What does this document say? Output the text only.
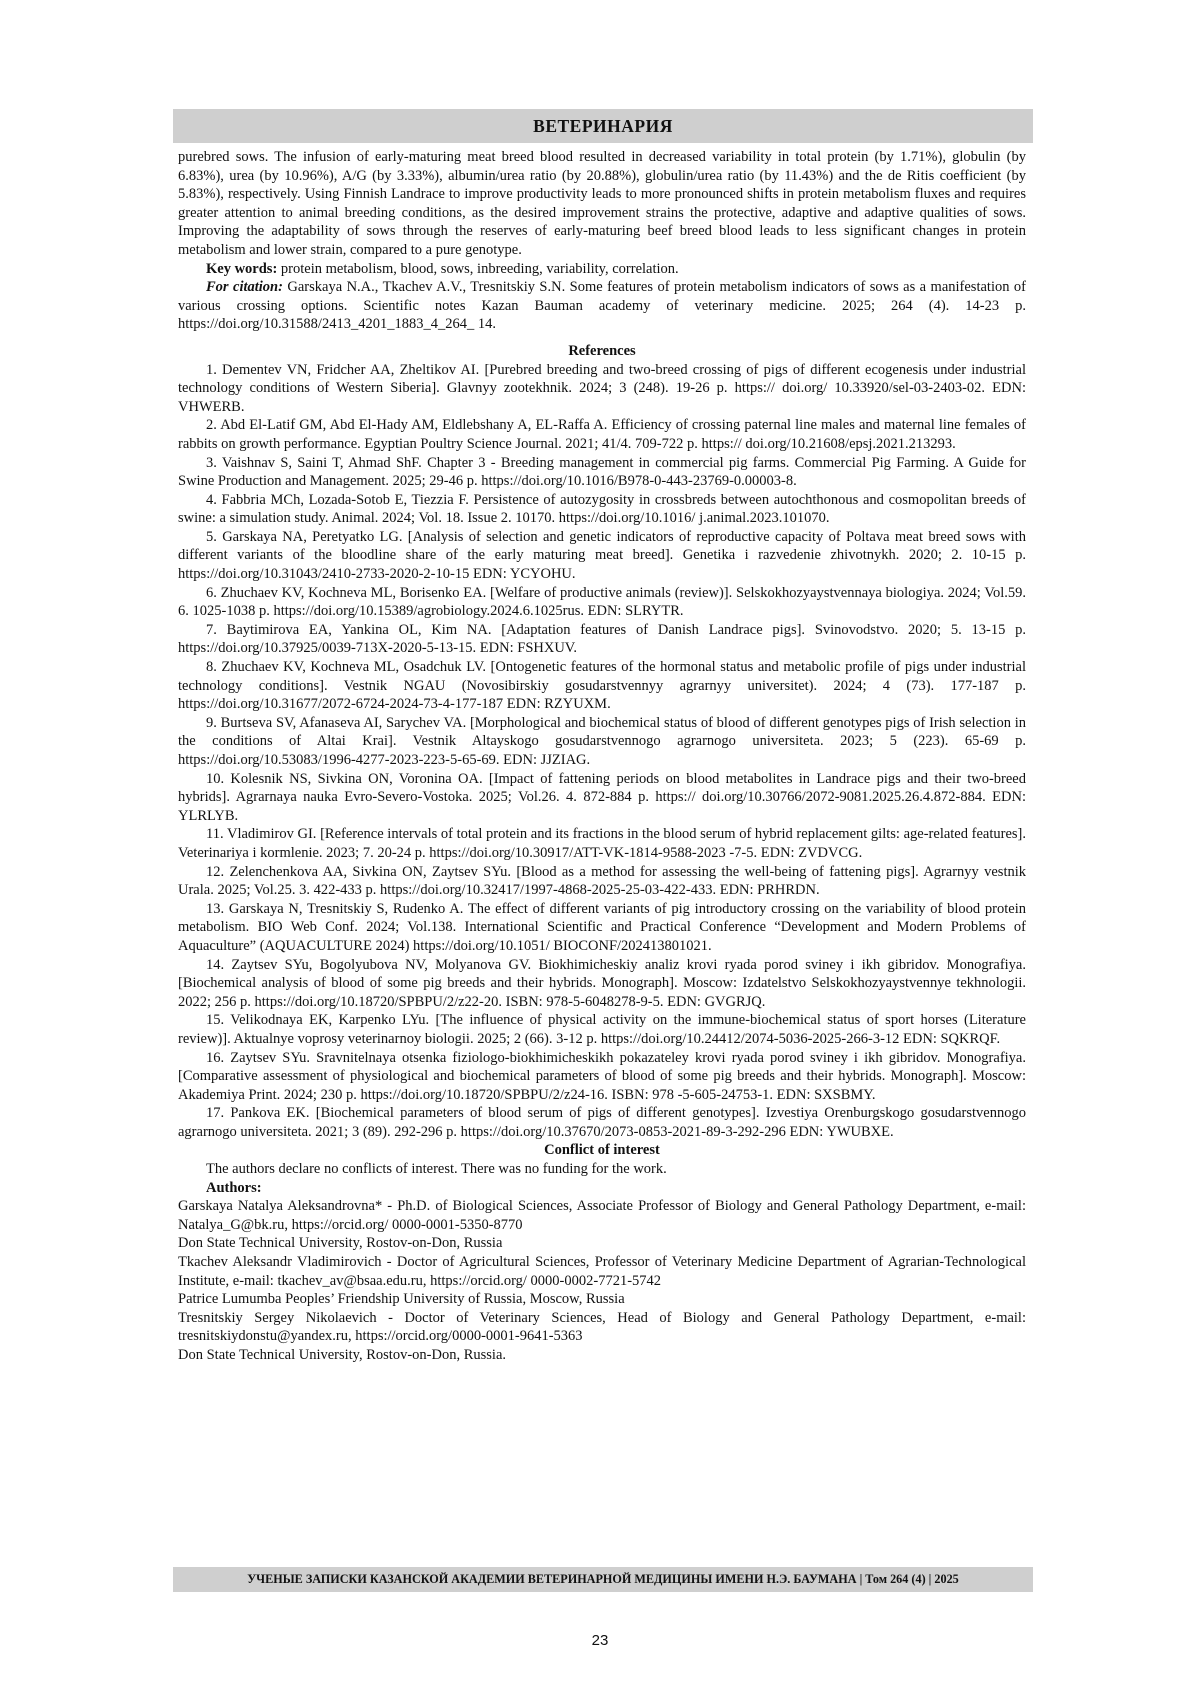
ВЕТЕРИНАРИЯ

purebred sows. The infusion of early-maturing meat breed blood resulted in decreased variability in total protein (by 1.71%), globulin (by 6.83%), urea (by 10.96%), A/G (by 3.33%), albumin/urea ratio (by 20.88%), globulin/urea ratio (by 11.43%) and the de Ritis coefficient (by 5.83%), respectively. Using Finnish Landrace to improve productivity leads to more pronounced shifts in protein metabolism fluxes and requires greater attention to animal breeding conditions, as the desired improvement strains the protective, adaptive and adaptive qualities of sows. Improving the adaptability of sows through the reserves of early-maturing beef breed blood leads to less significant changes in protein metabolism and lower strain, compared to a pure genotype.

Key words: protein metabolism, blood, sows, inbreeding, variability, correlation.

For citation: Garskaya N.A., Tkachev A.V., Tresnitskiy S.N. Some features of protein metabolism indicators of sows as a manifestation of various crossing options. Scientific notes Kazan Bauman academy of veterinary medicine. 2025; 264 (4). 14-23 p. https://doi.org/10.31588/2413_4201_1883_4_264_ 14.

References

1. Dementev VN, Fridcher AA, Zheltikov AI. [Purebred breeding and two-breed crossing of pigs of different ecogenesis under industrial technology conditions of Western Siberia]. Glavnyy zootekhnik. 2024; 3 (248). 19-26 p. https:// doi.org/ 10.33920/sel-03-2403-02. EDN: VHWERB.
2. Abd El-Latif GM, Abd El-Hady AM, Eldlebshany A, EL-Raffa A. Efficiency of crossing paternal line males and maternal line females of rabbits on growth performance. Egyptian Poultry Science Journal. 2021; 41/4. 709-722 p. https:// doi.org/10.21608/epsj.2021.213293.
3. Vaishnav S, Saini T, Ahmad ShF. Chapter 3 - Breeding management in commercial pig farms. Commercial Pig Farming. A Guide for Swine Production and Management. 2025; 29-46 p. https://doi.org/10.1016/B978-0-443-23769-0.00003-8.
4. Fabbria MCh, Lozada-Sotob E, Tiezzia F. Persistence of autozygosity in crossbreds between autochthonous and cosmopolitan breeds of swine: a simulation study. Animal. 2024; Vol. 18. Issue 2. 10170. https://doi.org/10.1016/ j.animal.2023.101070.
5. Garskaya NA, Peretyatko LG. [Analysis of selection and genetic indicators of reproductive capacity of Poltava meat breed sows with different variants of the bloodline share of the early maturing meat breed]. Genetika i razvedenie zhivotnykh. 2020; 2. 10-15 p. https://doi.org/10.31043/2410-2733-2020-2-10-15 EDN: YCYOHU.
6. Zhuchaev KV, Kochneva ML, Borisenko EA. [Welfare of productive animals (review)]. Selskokhozyaystvennaya biologiya. 2024; Vol.59. 6. 1025-1038 p. https://doi.org/10.15389/agrobiology.2024.6.1025rus. EDN: SLRYTR.
7. Baytimirova EA, Yankina OL, Kim NA. [Adaptation features of Danish Landrace pigs]. Svinovodstvo. 2020; 5. 13-15 p. https://doi.org/10.37925/0039-713X-2020-5-13-15. EDN: FSHXUV.
8. Zhuchaev KV, Kochneva ML, Osadchuk LV. [Ontogenetic features of the hormonal status and metabolic profile of pigs under industrial technology conditions]. Vestnik NGAU (Novosibirskiy gosudarstvennyy agrarnyy universitet). 2024; 4 (73). 177-187 p. https://doi.org/10.31677/2072-6724-2024-73-4-177-187 EDN: RZYUXM.
9. Burtseva SV, Afanaseva AI, Sarychev VA. [Morphological and biochemical status of blood of different genotypes pigs of Irish selection in the conditions of Altai Krai]. Vestnik Altayskogo gosudarstvennogo agrarnogo universiteta. 2023; 5 (223). 65-69 p. https://doi.org/10.53083/1996-4277-2023-223-5-65-69. EDN: JJZIAG.
10. Kolesnik NS, Sivkina ON, Voronina OA. [Impact of fattening periods on blood metabolites in Landrace pigs and their two-breed hybrids]. Agrarnaya nauka Evro-Severo-Vostoka. 2025; Vol.26. 4. 872-884 p. https:// doi.org/10.30766/2072-9081.2025.26.4.872-884. EDN: YLRLYB.
11. Vladimirov GI. [Reference intervals of total protein and its fractions in the blood serum of hybrid replacement gilts: age-related features]. Veterinariya i kormlenie. 2023; 7. 20-24 p. https://doi.org/10.30917/ATT-VK-1814-9588-2023 -7-5. EDN: ZVDVCG.
12. Zelenchenkova AA, Sivkina ON, Zaytsev SYu. [Blood as a method for assessing the well-being of fattening pigs]. Agrarnyy vestnik Urala. 2025; Vol.25. 3. 422-433 p. https://doi.org/10.32417/1997-4868-2025-25-03-422-433. EDN: PRHRDN.
13. Garskaya N, Tresnitskiy S, Rudenko A. The effect of different variants of pig introductory crossing on the variability of blood protein metabolism. BIO Web Conf. 2024; Vol.138. International Scientific and Practical Conference “Development and Modern Problems of Aquaculture” (AQUACULTURE 2024) https://doi.org/10.1051/ BIOCONF/202413801021.
14. Zaytsev SYu, Bogolyubova NV, Molyanova GV. Biokhimicheskiy analiz krovi ryada porod sviney i ikh gibridov. Monografiya. [Biochemical analysis of blood of some pig breeds and their hybrids. Monograph]. Moscow: Izdatelstvo Selskokhozyaystvennye tekhnologii. 2022; 256 p. https://doi.org/10.18720/SPBPU/2/z22-20. ISBN: 978-5-6048278-9-5. EDN: GVGRJQ.
15. Velikodnaya EK, Karpenko LYu. [The influence of physical activity on the immune-biochemical status of sport horses (Literature review)]. Aktualnye voprosy veterinarnoy biologii. 2025; 2 (66). 3-12 p. https://doi.org/10.24412/2074-5036-2025-266-3-12 EDN: SQKRQF.
16. Zaytsev SYu. Sravnitelnaya otsenka fiziologo-biokhimicheskikh pokazateley krovi ryada porod sviney i ikh gibridov. Monografiya. [Comparative assessment of physiological and biochemical parameters of blood of some pig breeds and their hybrids. Monograph]. Moscow: Akademiya Print. 2024; 230 p. https://doi.org/10.18720/SPBPU/2/z24-16. ISBN: 978 -5-605-24753-1. EDN: SXSBMY.
17. Pankova EK. [Biochemical parameters of blood serum of pigs of different genotypes]. Izvestiya Orenburgskogo gosudarstvennogo agrarnogo universiteta. 2021; 3 (89). 292-296 p. https://doi.org/10.37670/2073-0853-2021-89-3-292-296 EDN: YWUBXE.

Conflict of interest

The authors declare no conflicts of interest. There was no funding for the work.

Authors:

Garskaya Natalya Aleksandrovna* - Ph.D. of Biological Sciences, Associate Professor of Biology and General Pathology Department, e-mail: Natalya_G@bk.ru, https://orcid.org/ 0000-0001-5350-8770

Don State Technical University, Rostov-on-Don, Russia

Tkachev Aleksandr Vladimirovich - Doctor of Agricultural Sciences, Professor of Veterinary Medicine Department of Agrarian-Technological Institute, e-mail: tkachev_av@bsaa.edu.ru, https://orcid.org/ 0000-0002-7721-5742

Patrice Lumumba Peoples’ Friendship University of Russia, Moscow, Russia

Tresnitskiy Sergey Nikolaevich - Doctor of Veterinary Sciences, Head of Biology and General Pathology Department, e-mail: tresnitskiydonstu@yandex.ru, https://orcid.org/0000-0001-9641-5363

Don State Technical University, Rostov-on-Don, Russia.

УЧЕНЫЕ ЗАПИСКИ КАЗАНСКОЙ АКАДЕМИИ ВЕТЕРИНАРНОЙ МЕДИЦИНЫ ИМЕНИ Н.Э. БАУМАНА | Том 264 (4) | 2025
23
